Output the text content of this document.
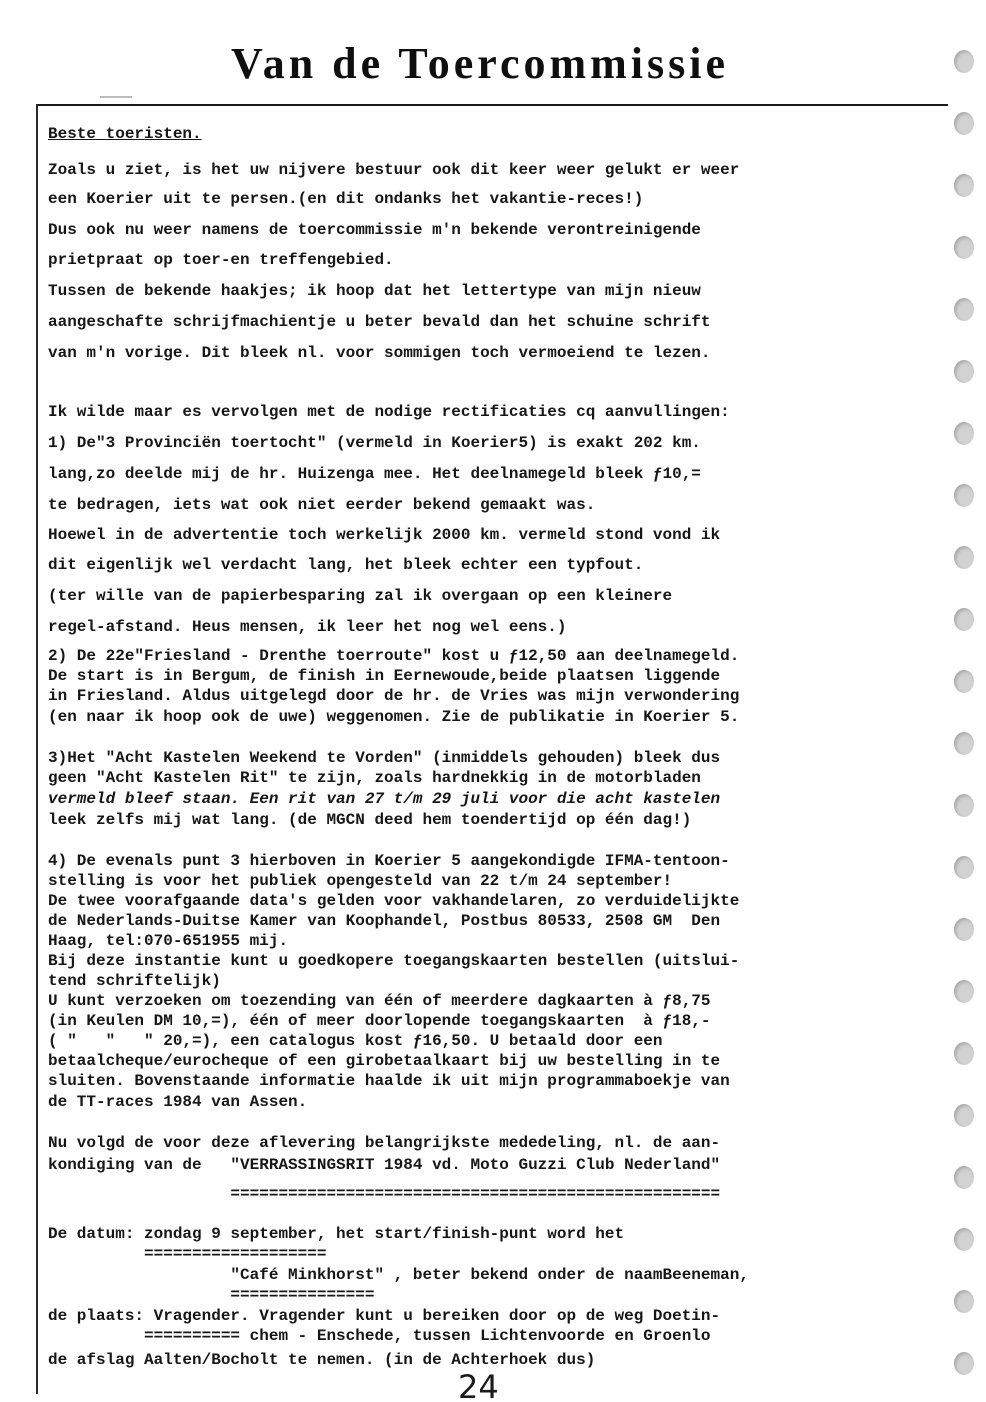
Van de Toercommissie
Beste toeristen.
Zoals u ziet, is het uw nijvere bestuur ook dit keer weer gelukt er weer
een Koerier uit te persen.(en dit ondanks het vakantie-reces!)
Dus ook nu weer namens de toercommissie m'n bekende verontreinigende
prietpraat op toer-en treffengebied.
Tussen de bekende haakjes; ik hoop dat het lettertype van mijn nieuw
aangeschafte schrijfmachientje u beter bevald dan het schuine schrift
van m'n vorige. Dit bleek nl. voor sommigen toch vermoeiend te lezen.
Ik wilde maar es vervolgen met de nodige rectificaties cq aanvullingen:
1) De"3 Provinciën toertocht" (vermeld in Koerier5) is exakt 202 km.
lang,zo deelde mij de hr. Huizenga mee. Het deelnamegeld bleek ƒ10,=
te bedragen, iets wat ook niet eerder bekend gemaakt was.
Hoewel in de advertentie toch werkelijk 2000 km. vermeld stond vond ik
dit eigenlijk wel verdacht lang, het bleek echter een typfout.
(ter wille van de papierbesparing zal ik overgaan op een kleinere
regel-afstand. Heus mensen, ik leer het nog wel eens.)
2) De 22e"Friesland - Drenthe toerroute" kost u ƒ12,50 aan deelnamegeld.
De start is in Bergum, de finish in Eernewoude,beide plaatsen liggende
in Friesland. Aldus uitgelegd door de hr. de Vries was mijn verwondering
(en naar ik hoop ook de uwe) weggenomen. Zie de publikatie in Koerier 5.
3)Het "Acht Kastelen Weekend te Vorden" (inmiddels gehouden) bleek dus
geen "Acht Kastelen Rit" te zijn, zoals hardnekkig in de motorbladen
vermeld bleef staan. Een rit van 27 t/m 29 juli voor die acht kastelen
leek zelfs mij wat lang. (de MGCN deed hem toendertijd op één dag!)
4) De evenals punt 3 hierboven in Koerier 5 aangekondigde IFMA-tentoon-
stelling is voor het publiek opengesteld van 22 t/m 24 september!
De twee voorafgaande data's gelden voor vakhandelaren, zo verduidelijkte
de Nederlands-Duitse Kamer van Koophandel, Postbus 80533, 2508 GM  Den
Haag, tel:070-651955 mij.
Bij deze instantie kunt u goedkopere toegangskaarten bestellen (uitslui-
tend schriftelijk)
U kunt verzoeken om toezending van één of meerdere dagkaarten à ƒ8,75
(in Keulen DM 10,=), één of meer doorlopende toegangskaarten  à ƒ18,-
( "   "   " 20,=), een catalogus kost ƒ16,50. U betaald door een
betaalcheque/eurocheque of een girobetaalkaart bij uw bestelling in te
sluiten. Bovenstaande informatie haalde ik uit mijn programmaboekje van
de TT-races 1984 van Assen.
Nu volgd de voor deze aflevering belangrijkste mededeling, nl. de aan-
kondiging van de   "VERRASSINGSRIT 1984 vd. Moto Guzzi Club Nederland"
===================================================
De datum: zondag 9 september, het start/finish-punt word het
===================
"Café Minkhorst" , beter bekend onder de naamBeeneman,
===============
de plaats: Vragender. Vragender kunt u bereiken door op de weg Doetin-
========== chem - Enschede, tussen Lichtenvoorde en Groenlo
de afslag Aalten/Bocholt te nemen. (in de Achterhoek dus)
24
